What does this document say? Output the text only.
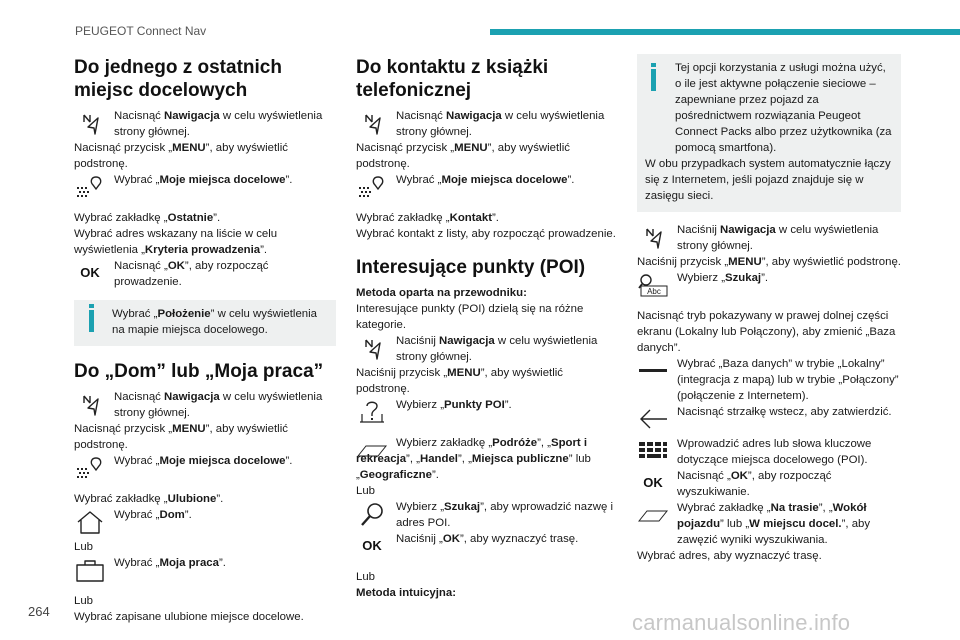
PEUGEOT Connect Nav
Do jednego z ostatnich miejsc docelowych
Nacisnąć Nawigacja w celu wyświetlenia strony głównej.

Nacisnąć przycisk „MENU”, aby wyświetlić podstronę.

Wybrać „Moje miejsca docelowe”.

Wybrać zakładkę „Ostatnie”.

Wybrać adres wskazany na liście w celu wyświetlenia „Kryteria prowadzenia”.

OK	Nacisnąć „OK”, aby rozpocząć prowadzenie.
Wybrać „Położenie” w celu wyświetlenia na mapie miejsca docelowego.
Do „Dom” lub „Moja praca”
Nacisnąć Nawigacja w celu wyświetlenia strony głównej.

Nacisnąć przycisk „MENU”, aby wyświetlić podstronę.

Wybrać „Moje miejsca docelowe”.

Wybrać zakładkę „Ulubione”.

Wybrać „Dom”.

Lub

Wybrać „Moja praca”.

Lub

Wybrać zapisane ulubione miejsce docelowe.

Do kontaktu z książki telefonicznej
Nacisnąć Nawigacja w celu wyświetlenia strony głównej.

Nacisnąć przycisk „MENU”, aby wyświetlić podstronę.

Wybrać „Moje miejsca docelowe”.

Wybrać zakładkę „Kontakt”.

Wybrać kontakt z listy, aby rozpocząć prowadzenie.

Interesujące punkty (POI)

Metoda oparta na przewodniku:

Interesujące punkty (POI) dzielą się na różne kategorie.

Naciśnij Nawigacja w celu wyświetlenia strony głównej.

Naciśnij przycisk „MENU”, aby wyświetlić podstronę.

Wybierz „Punkty POI”.
Wybierz zakładkę „Podróże”, „Sport i rekreacja”, „Handel”, „Miejsca publiczne” lub „Geograficzne”.

Lub

Wybierz „Szukaj”, aby wprowadzić nazwę i adres POI.
OK	Naciśnij „OK”, aby wyznaczyć trasę.

Lub

Metoda intuicyjna:

Tej opcji korzystania z usługi można użyć, o ile jest aktywne połączenie sieciowe – zapewniane przez pojazd za pośrednictwem rozwiązania Peugeot Connect Packs albo przez użytkownika (za pomocą smartfona).
W obu przypadkach system automatycznie łączy się z Internetem, jeśli pojazd znajduje się w zasięgu sieci.
Naciśnij Nawigacja w celu wyświetlenia strony głównej.

Naciśnij przycisk „MENU”, aby wyświetlić podstronę.

Abc
Wybierz „Szukaj”.

Nacisnąć tryb pokazywany w prawej dolnej części ekranu (Lokalny lub Połączony), aby zmienić „Baza danych”.

Wybrać „Baza danych” w trybie „Lokalny” (integracja z mapą) lub w trybie „Połączony” (połączenie z Internetem).
Nacisnąć strzałkę wstecz, aby zatwierdzić.
Wprowadzić adres lub słowa kluczowe dotyczące miejsca docelowego (POI).
OK	Nacisnąć „OK”, aby rozpocząć wyszukiwanie.
Wybrać zakładkę „Na trasie”, „Wokół pojazdu” lub „W miejscu docel.”, aby zawęzić wyniki wyszukiwania.

Wybrać adres, aby wyznaczyć trasę.

264	carmanualsonline.info
